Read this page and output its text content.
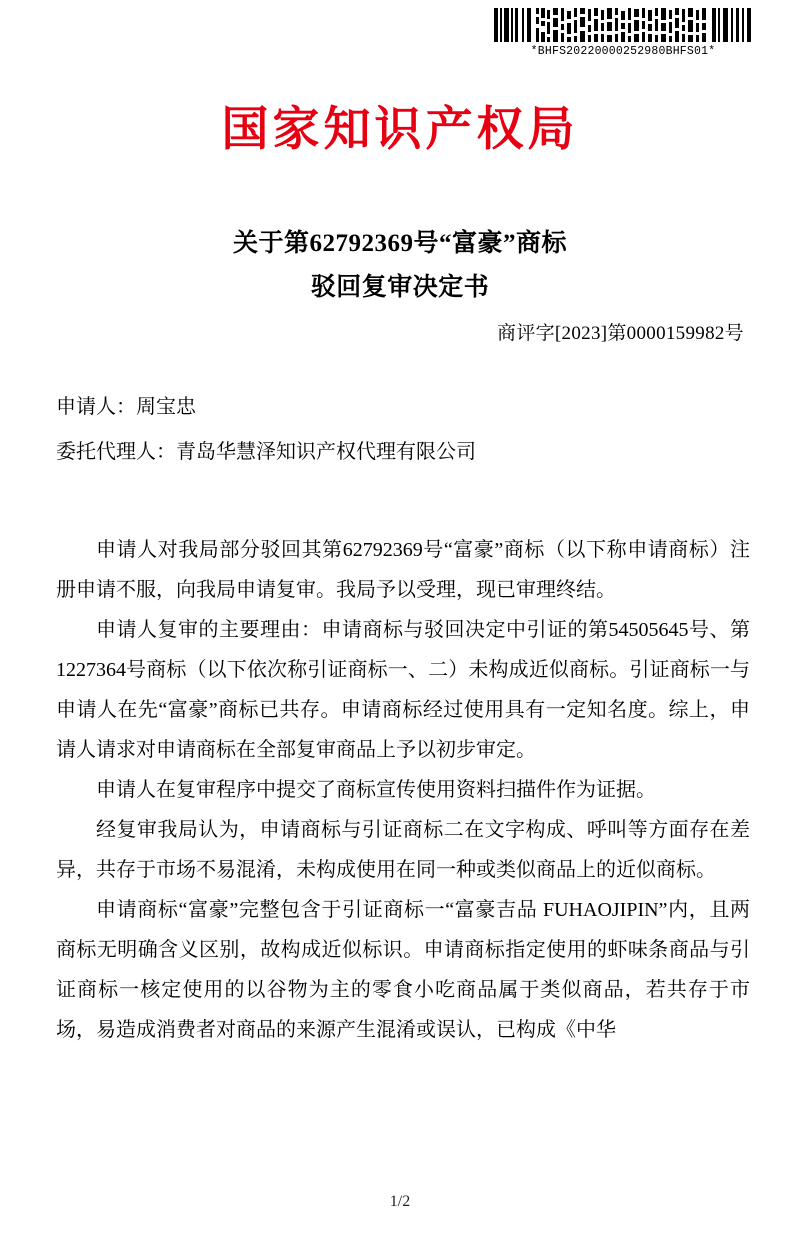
*BHFS20220000252980BHFS01*
国家知识产权局
关于第62792369号“富豪”商标
驳回复审决定书
商评字[2023]第0000159982号
申请人：周宝忠
委托代理人：青岛华慧泽知识产权代理有限公司

申请人对我局部分驳回其第62792369号“富豪”商标（以下称申请商标）注册申请不服，向我局申请复审。我局予以受理，现已审理终结。

申请人复审的主要理由：申请商标与驳回决定中引证的第54505645号、第1227364号商标（以下依次称引证商标一、二）未构成近似商标。引证商标一与申请人在先“富豪”商标已共存。申请商标经过使用具有一定知名度。综上，申请人请求对申请商标在全部复审商品上予以初步审定。

申请人在复审程序中提交了商标宣传使用资料扫描件作为证据。

经复审我局认为，申请商标与引证商标二在文字构成、呼叫等方面存在差异，共存于市场不易混淆，未构成使用在同一种或类似商品上的近似商标。

申请商标“富豪”完整包含于引证商标一“富豪吉品 FUHAOJIPIN”内，且两商标无明确含义区别，故构成近似标识。申请商标指定使用的虾味条商品与引证商标一核定使用的以谷物为主的零食小吃商品属于类似商品，若共存于市场，易造成消费者对商品的来源产生混淆或误认，已构成《中华

1/2
